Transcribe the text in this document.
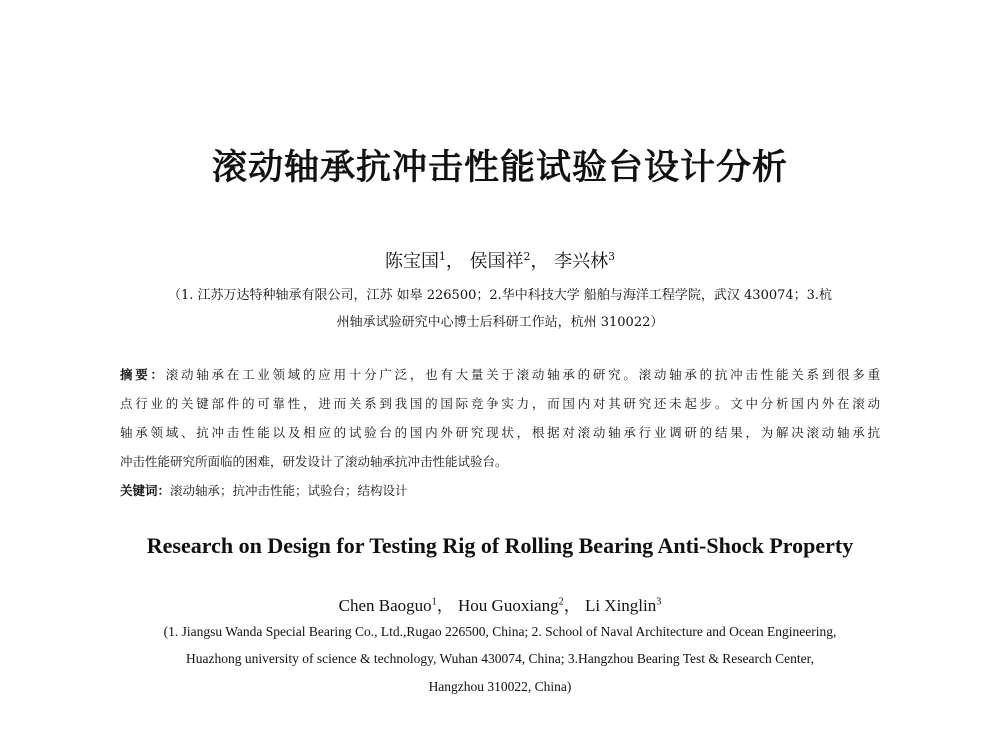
滚动轴承抗冲击性能试验台设计分析
陈宝国$^1$， 侯国祥$^2$， 李兴林$^3$
（1. 江苏万达特种轴承有限公司，江苏 如皋 226500；2.华中科技大学 船舶与海洋工程学院，武汉 430074；3.杭
州轴承试验研究中心博士后科研工作站，杭州 310022）
摘要：滚动轴承在工业领域的应用十分广泛，也有大量关于滚动轴承的研究。滚动轴承的抗冲击性能关系到很多重
点行业的关键部件的可靠性，进而关系到我国的国际竞争实力，而国内对其研究还未起步。文中分析国内外在滚动
轴承领域、抗冲击性能以及相应的试验台的国内外研究现状，根据对滚动轴承行业调研的结果，为解决滚动轴承抗
冲击性能研究所面临的困难，研发设计了滚动轴承抗冲击性能试验台。
关键词：滚动轴承；抗冲击性能；试验台；结构设计
Research on Design for Testing Rig of Rolling Bearing Anti-Shock Property
Chen Baoguo$^1$， Hou Guoxiang$^2$， Li Xinglin$^3$
(1. Jiangsu Wanda Special Bearing Co., Ltd.,Rugao 226500, China; 2. School of Naval Architecture and Ocean Engineering,
Huazhong university of science & technology, Wuhan 430074, China; 3.Hangzhou Bearing Test & Research Center,
Hangzhou 310022, China)
